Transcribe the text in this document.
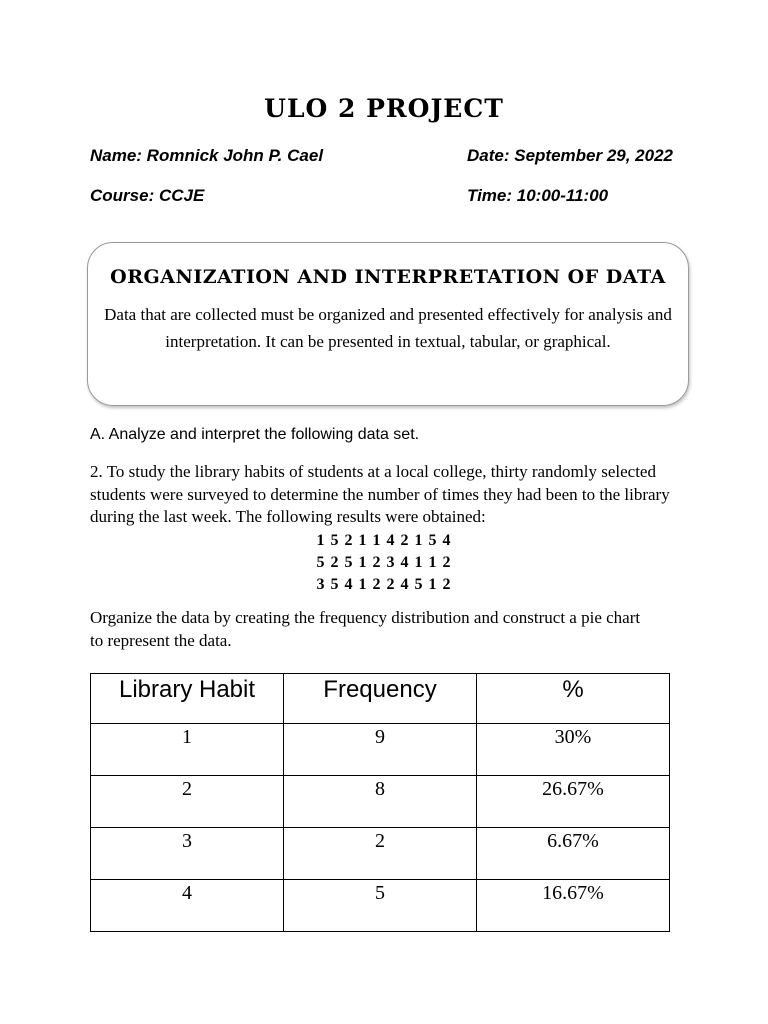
ULO 2 PROJECT
Name: Romnick John P. Cael	Date: September 29, 2022
Course: CCJE	Time: 10:00-11:00
ORGANIZATION AND INTERPRETATION OF DATA
Data that are collected must be organized and presented effectively for analysis and interpretation. It can be presented in textual, tabular, or graphical.
A. Analyze and interpret the following data set.
2. To study the library habits of students at a local college, thirty randomly selected students were surveyed to determine the number of times they had been to the library during the last week. The following results were obtained:
1 5 2 1 1 4 2 1 5 4
5 2 5 1 2 3 4 1 1 2
3 5 4 1 2 2 4 5 1 2
Organize the data by creating the frequency distribution and construct a pie chart to represent the data.
Library Habit	Frequency	%
1	9	30%
2	8	26.67%
3	2	6.67%
4	5	16.67%
